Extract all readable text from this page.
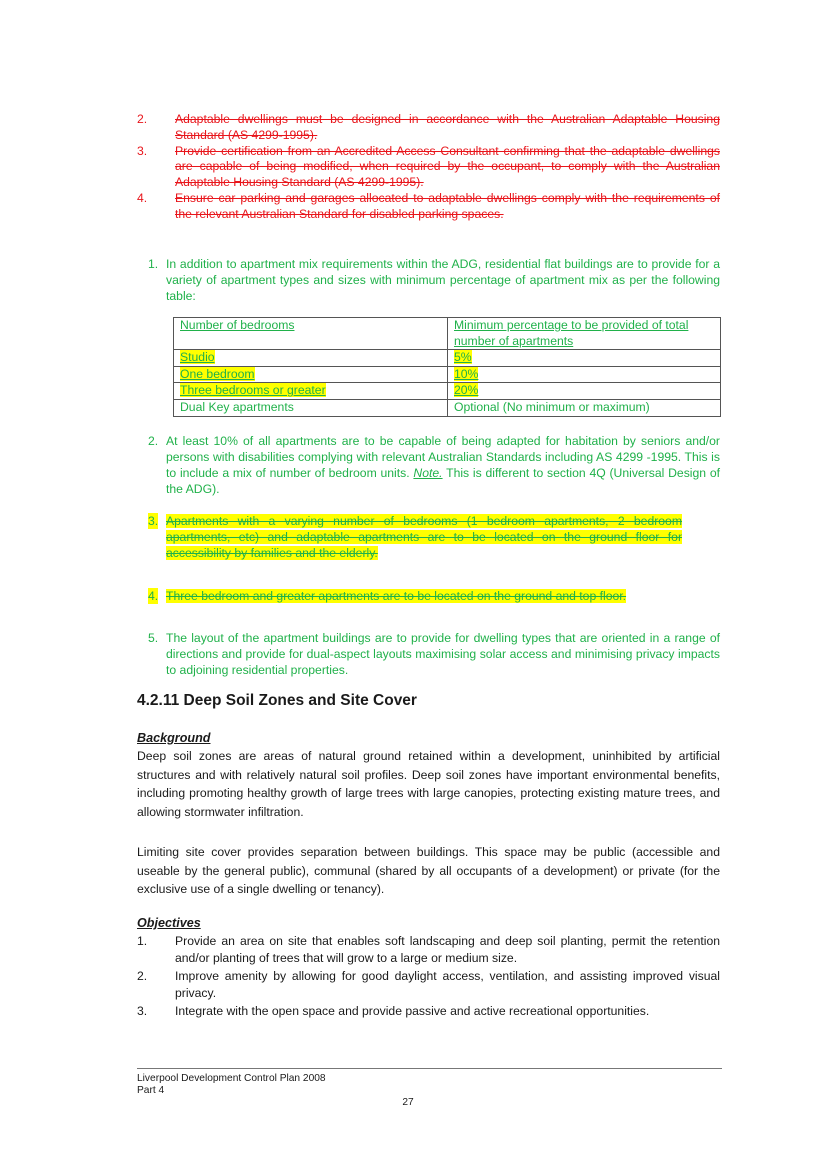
2. Adaptable dwellings must be designed in accordance with the Australian Adaptable Housing Standard (AS 4299-1995).
3. Provide certification from an Accredited Access Consultant confirming that the adaptable dwellings are capable of being modified, when required by the occupant, to comply with the Australian Adaptable Housing Standard (AS 4299-1995).
4. Ensure car parking and garages allocated to adaptable dwellings comply with the requirements of the relevant Australian Standard for disabled parking spaces.
1. In addition to apartment mix requirements within the ADG, residential flat buildings are to provide for a variety of apartment types and sizes with minimum percentage of apartment mix as per the following table:
Number of bedrooms	Minimum percentage to be provided of total number of apartments
Studio	5%
One bedroom	10%
Three bedrooms or greater	20%
Dual Key apartments	Optional (No minimum or maximum)
2. At least 10% of all apartments are to be capable of being adapted for habitation by seniors and/or persons with disabilities complying with relevant Australian Standards including AS 4299 -1995. This is to include a mix of number of bedroom units. Note. This is different to section 4Q (Universal Design of the ADG).
3. Apartments with a varying number of bedrooms (1 bedroom apartments, 2 bedroom apartments, etc) and adaptable apartments are to be located on the ground floor for accessibility by families and the elderly.
4. Three bedroom and greater apartments are to be located on the ground and top floor.
5. The layout of the apartment buildings are to provide for dwelling types that are oriented in a range of directions and provide for dual-aspect layouts maximising solar access and minimising privacy impacts to adjoining residential properties.
4.2.11 Deep Soil Zones and Site Cover

Background

Deep soil zones are areas of natural ground retained within a development, uninhibited by artificial structures and with relatively natural soil profiles. Deep soil zones have important environmental benefits, including promoting healthy growth of large trees with large canopies, protecting existing mature trees, and allowing stormwater infiltration.

Limiting site cover provides separation between buildings. This space may be public (accessible and useable by the general public), communal (shared by all occupants of a development) or private (for the exclusive use of a single dwelling or tenancy).

Objectives

1. Provide an area on site that enables soft landscaping and deep soil planting, permit the retention and/or planting of trees that will grow to a large or medium size.
2. Improve amenity by allowing for good daylight access, ventilation, and assisting improved visual privacy.
3. Integrate with the open space and provide passive and active recreational opportunities.
Liverpool Development Control Plan 2008
Part 4
27
